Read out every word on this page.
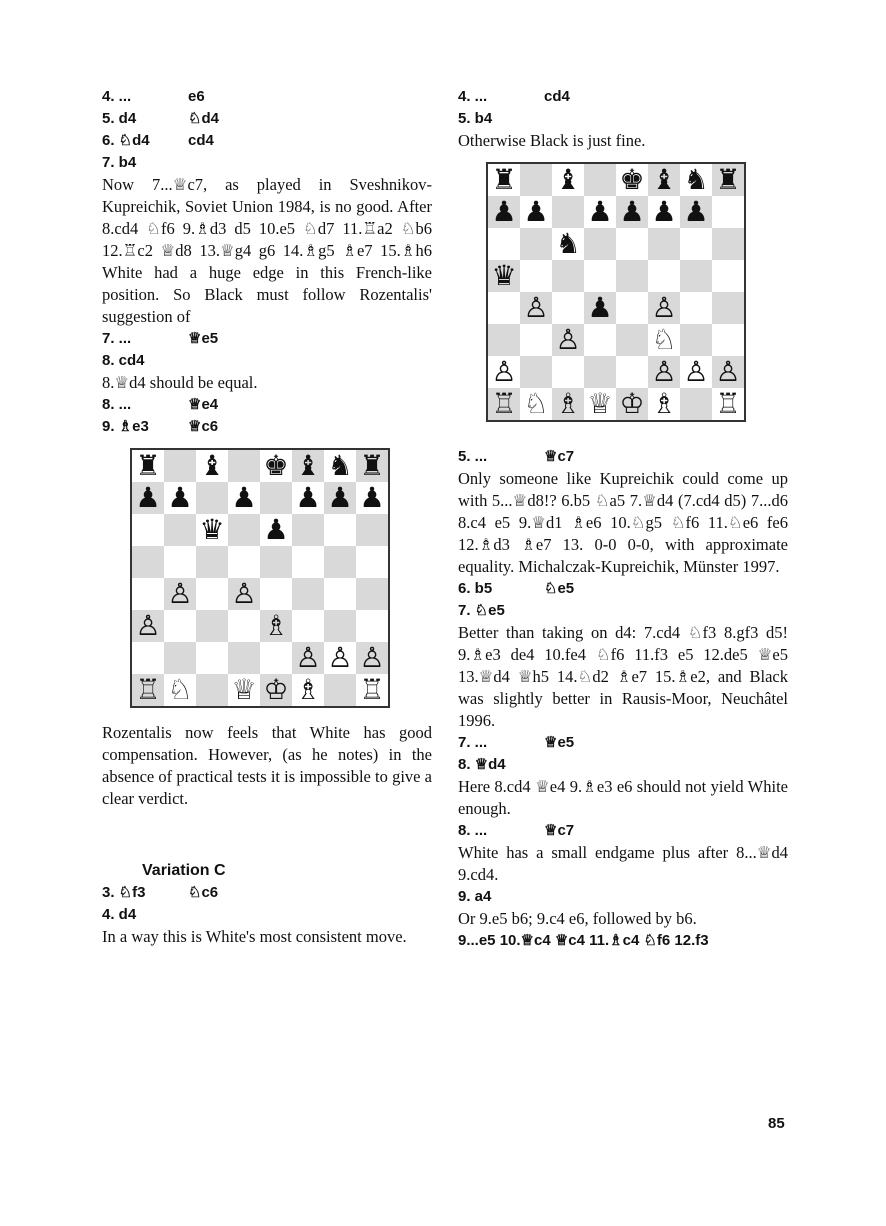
4. ...	e6
5. d4	♘d4
6. ♘d4	cd4
7. b4
Now 7...♕c7, as played in Sveshnikov-Kupreichik, Soviet Union 1984, is no good. After 8.cd4 ♘f6 9.♗d3 d5 10.e5 ♘d7 11.♖a2 ♘b6 12.♖c2 ♕d8 13.♕g4 g6 14.♗g5 ♗e7 15.♗h6 White had a huge edge in this French-like position. So Black must follow Rozentalis' suggestion of
7. ...	♕e5
8. cd4
8.♕d4 should be equal.
8. ...	♕e4
9. ♗e3	♕c6
♜ ♝ ♚ ♝ ♞ ♜
♟ ♟ ♟ ♟ ♟ ♟
♛ ♟
♙ ♙
♙	♗
♙ ♙ ♙
♖ ♘ ♕ ♔ ♗ ♖
Rozentalis now feels that White has good compensation. However, (as he notes) in the absence of practical tests it is impossible to give a clear verdict.
Variation C
3. ♘f3	♘c6
4. d4
In a way this is White's most consistent move.
4. ...	cd4
5. b4
Otherwise Black is just fine.
♜ ♝ ♚ ♝ ♞ ♜
♟ ♟ ♟ ♟ ♟ ♟
♞
♛
♙ ♟ ♙
♙	♘
♙	♙ ♙ ♙
♖ ♘ ♗ ♕ ♔ ♗ ♖
5. ...	♕c7
Only someone like Kupreichik could come up with 5...♕d8!? 6.b5 ♘a5 7.♕d4 (7.cd4 d5) 7...d6 8.c4 e5 9.♕d1 ♗e6 10.♘g5 ♘f6 11.♘e6 fe6 12.♗d3 ♗e7 13. 0-0 0-0, with approximate equality. Michalczak-Kupreichik, Münster 1997.
6. b5	♘e5
7. ♘e5
Better than taking on d4: 7.cd4 ♘f3 8.gf3 d5! 9.♗e3 de4 10.fe4 ♘f6 11.f3 e5 12.de5 ♕e5 13.♕d4 ♕h5 14.♘d2 ♗e7 15.♗e2, and Black was slightly better in Rausis-Moor, Neuchâtel 1996.
7. ...	♕e5
8. ♕d4
Here 8.cd4 ♕e4 9.♗e3 e6 should not yield White enough.
8. ...	♕c7
White has a small endgame plus after 8...♕d4 9.cd4.
9. a4
Or 9.e5 b6; 9.c4 e6, followed by b6.
9...e5 10.♕c4 ♕c4 11.♗c4 ♘f6 12.f3
85
